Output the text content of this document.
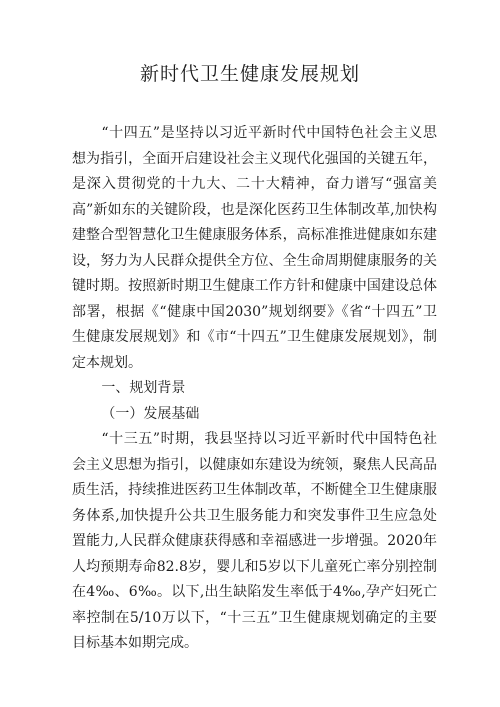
新时代卫生健康发展规划

“十四五”是坚持以习近平新时代中国特色社会主义思想为指引，全面开启建设社会主义现代化强国的关键五年，是深入贯彻党的十九大、二十大精神，奋力谱写“强富美高”新如东的关键阶段，也是深化医药卫生体制改革,加快构建整合型智慧化卫生健康服务体系，高标准推进健康如东建设，努力为人民群众提供全方位、全生命周期健康服务的关键时期。按照新时期卫生健康工作方针和健康中国建设总体部署，根据《“健康中国2030”规划纲要》《省“十四五”卫生健康发展规划》和《市“十四五”卫生健康发展规划》，制定本规划。

一、规划背景

（一）发展基础

“十三五”时期，我县坚持以习近平新时代中国特色社会主义思想为指引，以健康如东建设为统领，聚焦人民高品质生活，持续推进医药卫生体制改革，不断健全卫生健康服务体系,加快提升公共卫生服务能力和突发事件卫生应急处置能力,人民群众健康获得感和幸福感进一步增强。2020年人均预期寿命82.8岁，婴儿和5岁以下儿童死亡率分别控制在4‰、6‰。以下,出生缺陷发生率低于4‰,孕产妇死亡率控制在5/10万以下，“十三五”卫生健康规划确定的主要目标基本如期完成。
